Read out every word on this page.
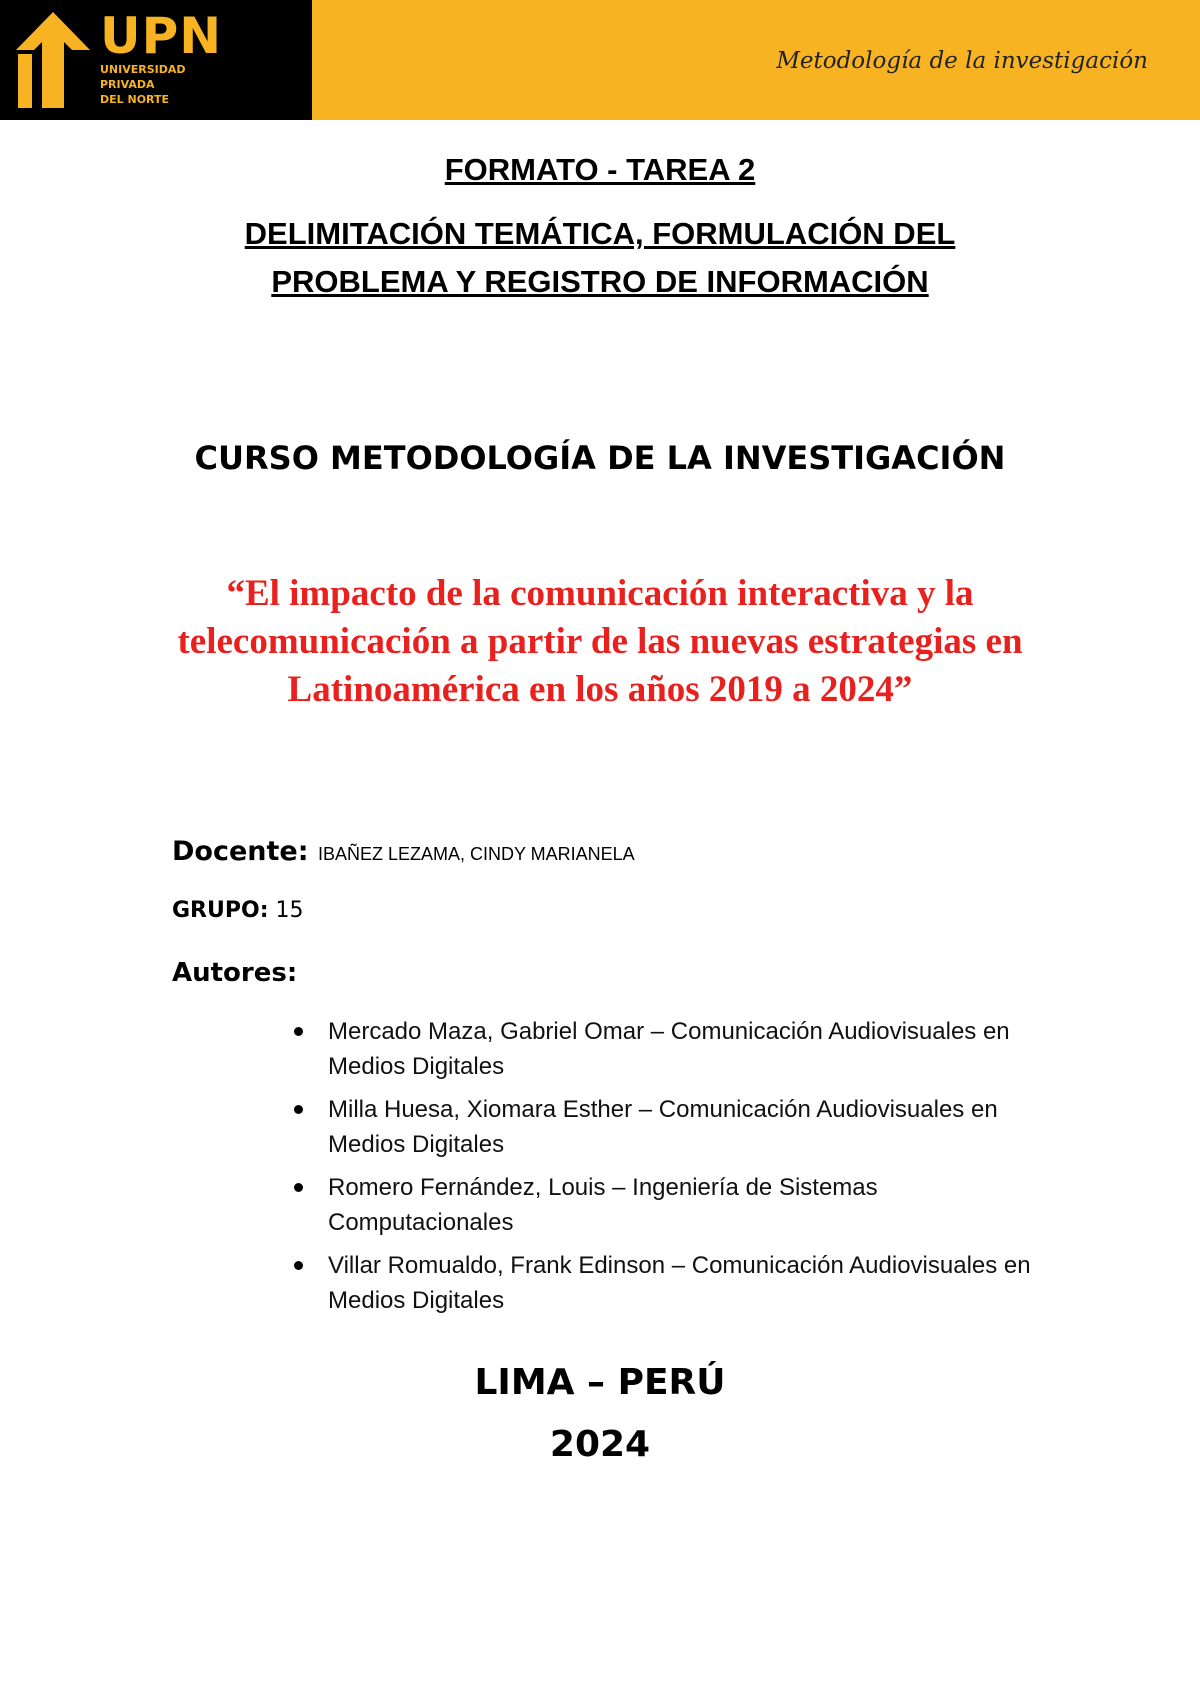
UPN
UNIVERSIDAD
PRIVADA
DEL NORTE
Metodología de la investigación
FORMATO - TAREA 2
DELIMITACIÓN TEMÁTICA, FORMULACIÓN DEL PROBLEMA Y REGISTRO DE INFORMACIÓN
CURSO METODOLOGÍA DE LA INVESTIGACIÓN
“El impacto de la comunicación interactiva y la telecomunicación a partir de las nuevas estrategias en Latinoamérica en los años 2019 a 2024”
Docente: IBAÑEZ LEZAMA, CINDY MARIANELA
GRUPO: 15
Autores:
Mercado Maza, Gabriel Omar – Comunicación Audiovisuales en Medios Digitales
Milla Huesa, Xiomara Esther – Comunicación Audiovisuales en Medios Digitales
Romero Fernández, Louis – Ingeniería de Sistemas Computacionales
Villar Romualdo, Frank Edinson – Comunicación Audiovisuales en Medios Digitales
LIMA – PERÚ
2024
